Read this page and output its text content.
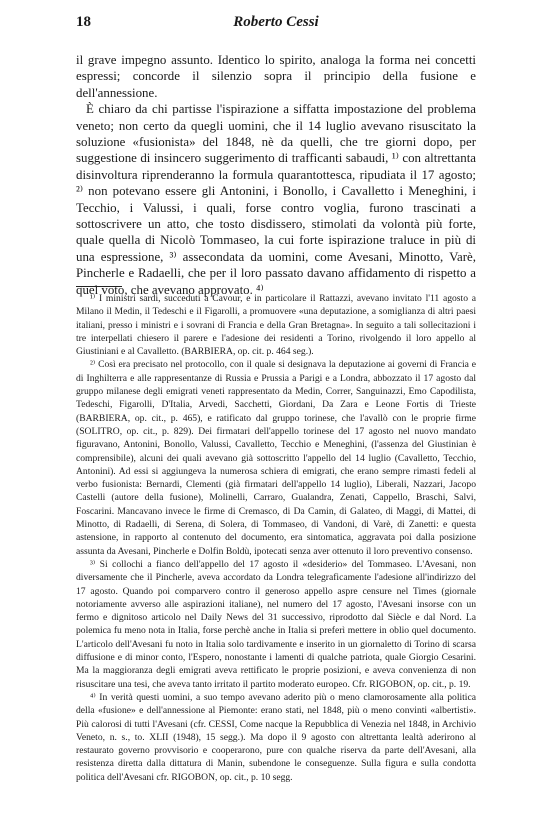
18	Roberto Cessi

il grave impegno assunto. Identico lo spirito, analoga la forma nei concetti espressi; concorde il silenzio sopra il principio della fusione e dell'annessione.

È chiaro da chi partisse l'ispirazione a siffatta impostazione del problema veneto; non certo da quegli uomini, che il 14 luglio avevano risuscitato la soluzione «fusionista» del 1848, nè da quelli, che tre giorni dopo, per suggestione di insincero suggerimento di trafficanti sabaudi, ¹⁾ con altrettanta disinvoltura riprenderanno la formula quarantottesca, ripudiata il 17 agosto; ²⁾ non potevano essere gli Antonini, i Bonollo, i Cavalletto i Meneghini, i Tecchio, i Valussi, i quali, forse contro voglia, furono trascinati a sottoscrivere un atto, che tosto disdissero, stimolati da volontà più forte, quale quella di Nicolò Tommaseo, la cui forte ispirazione traluce in più di una espressione, ³⁾ assecondata da uomini, come Avesani, Minotto, Varè, Pincherle e Radaelli, che per il loro passato davano affidamento di rispetto a quel voto, che avevano approvato. ⁴⁾

¹⁾ I ministri sardi, succeduti a Cavour, e in particolare il Rattazzi, avevano invitato l'11 agosto a Milano il Medin, il Tedeschi e il Figarolli, a promuovere «una deputazione, a somiglianza di altri paesi italiani, presso i ministri e i sovrani di Francia e della Gran Bretagna». In seguito a tali sollecitazioni i tre interpellati chiesero il parere e l'adesione dei residenti a Torino, rivolgendo il loro appello al Giustiniani e al Cavalletto. (BARBIERA, op. cit. p. 464 seg.).

²⁾ Così era precisato nel protocollo, con il quale si designava la deputazione ai governi di Francia e di Inghilterra e alle rappresentanze di Russia e Prussia a Parigi e a Londra, abbozzato il 17 agosto dal gruppo milanese degli emigrati veneti rappresentato da Medin, Correr, Sanguinazzi, Emo Capodilista, Tedeschi, Figarolli, D'Italia, Arvedi, Sacchetti, Giordani, Da Zara e Leone Fortis di Trieste (BARBIERA, op. cit., p. 465), e ratificato dal gruppo torinese, che l'avallò con le proprie firme (SOLITRO, op. cit., p. 829). Dei firmatari dell'appello torinese del 17 agosto nel nuovo mandato figuravano, Antonini, Bonollo, Valussi, Cavalletto, Tecchio e Meneghini, (l'assenza del Giustinian è comprensibile), alcuni dei quali avevano già sottoscritto l'appello del 14 luglio (Cavalletto, Tecchio, Antonini). Ad essi si aggiungeva la numerosa schiera di emigrati, che erano sempre rimasti fedeli al verbo fusionista: Bernardi, Clementi (già firmatari dell'appello 14 luglio), Liberali, Nazzari, Jacopo Castelli (autore della fusione), Molinelli, Carraro, Gualandra, Zenati, Cappello, Braschi, Salvi, Foscarini. Mancavano invece le firme di Cremasco, di Da Camin, di Galateo, di Maggi, di Mattei, di Minotto, di Radaelli, di Serena, di Solera, di Tommaseo, di Vandoni, di Varè, di Zanetti: e questa astensione, in rapporto al contenuto del documento, era sintomatica, aggravata poi dalla posizione assunta da Avesani, Pincherle e Dolfin Boldù, ipotecati senza aver ottenuto il loro preventivo consenso.

³⁾ Si collochi a fianco dell'appello del 17 agosto il «desiderio» del Tommaseo. L'Avesani, non diversamente che il Pincherle, aveva accordato da Londra telegraficamente l'adesione all'indirizzo del 17 agosto. Quando poi comparvero contro il generoso appello aspre censure nel Times (giornale notoriamente avverso alle aspirazioni italiane), nel numero del 17 agosto, l'Avesani insorse con un fermo e dignitoso articolo nel Daily News del 31 successivo, riprodotto dal Siècle e dal Nord. La polemica fu meno nota in Italia, forse perchè anche in Italia si preferì mettere in oblio quel documento. L'articolo dell'Avesani fu noto in Italia solo tardivamente e inserito in un giornaletto di Torino di scarsa diffusione e di minor conto, l'Espero, nonostante i lamenti di qualche patriota, quale Giorgio Cesarini. Ma la maggioranza degli emigrati aveva rettificato le proprie posizioni, e aveva convenienza di non risuscitare una tesi, che aveva tanto irritato il partito moderato europeo. Cfr. RIGOBON, op. cit., p. 19.

⁴⁾ In verità questi uomini, a suo tempo avevano aderito più o meno clamorosamente alla politica della «fusione» e dell'annessione al Piemonte: erano stati, nel 1848, più o meno convinti «albertisti». Più calorosi di tutti l'Avesani (cfr. CESSI, Come nacque la Repubblica di Venezia nel 1848, in Archivio Veneto, n. s., to. XLII (1948), 15 segg.). Ma dopo il 9 agosto con altrettanta lealtà aderirono al restaurato governo provvisorio e cooperarono, pure con qualche riserva da parte dell'Avesani, alla resistenza diretta dalla dittatura di Manin, subendone le conseguenze. Sulla figura e sulla condotta politica dell'Avesani cfr. RIGOBON, op. cit., p. 10 segg.
